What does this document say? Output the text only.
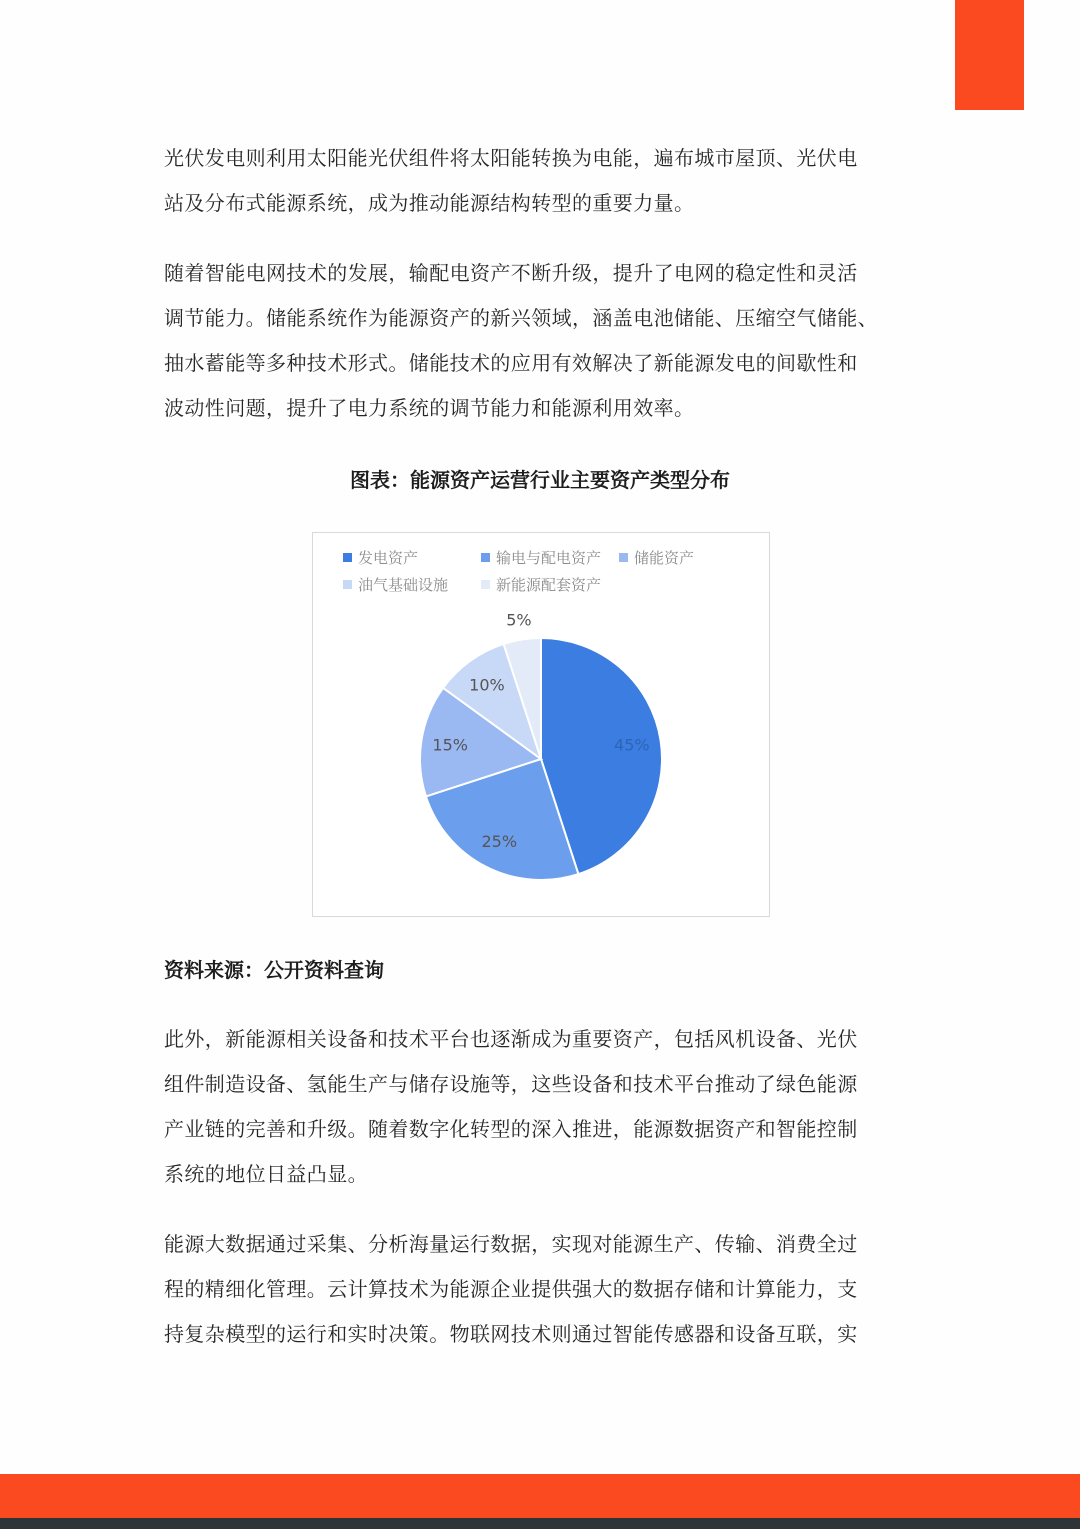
光伏发电则利用太阳能光伏组件将太阳能转换为电能，遍布城市屋顶、光伏电
站及分布式能源系统，成为推动能源结构转型的重要力量。
随着智能电网技术的发展，输配电资产不断升级，提升了电网的稳定性和灵活
调节能力。储能系统作为能源资产的新兴领域，涵盖电池储能、压缩空气储能、
抽水蓄能等多种技术形式。储能技术的应用有效解决了新能源发电的间歇性和
波动性问题，提升了电力系统的调节能力和能源利用效率。
图表：能源资产运营行业主要资产类型分布
发电资产	输电与配电资产	储能资产
油气基础设施	新能源配套资产
45%
25%
15%
10%
5%
资料来源：公开资料查询
此外，新能源相关设备和技术平台也逐渐成为重要资产，包括风机设备、光伏
组件制造设备、氢能生产与储存设施等，这些设备和技术平台推动了绿色能源
产业链的完善和升级。随着数字化转型的深入推进，能源数据资产和智能控制
系统的地位日益凸显。
能源大数据通过采集、分析海量运行数据，实现对能源生产、传输、消费全过
程的精细化管理。云计算技术为能源企业提供强大的数据存储和计算能力，支
持复杂模型的运行和实时决策。物联网技术则通过智能传感器和设备互联，实
